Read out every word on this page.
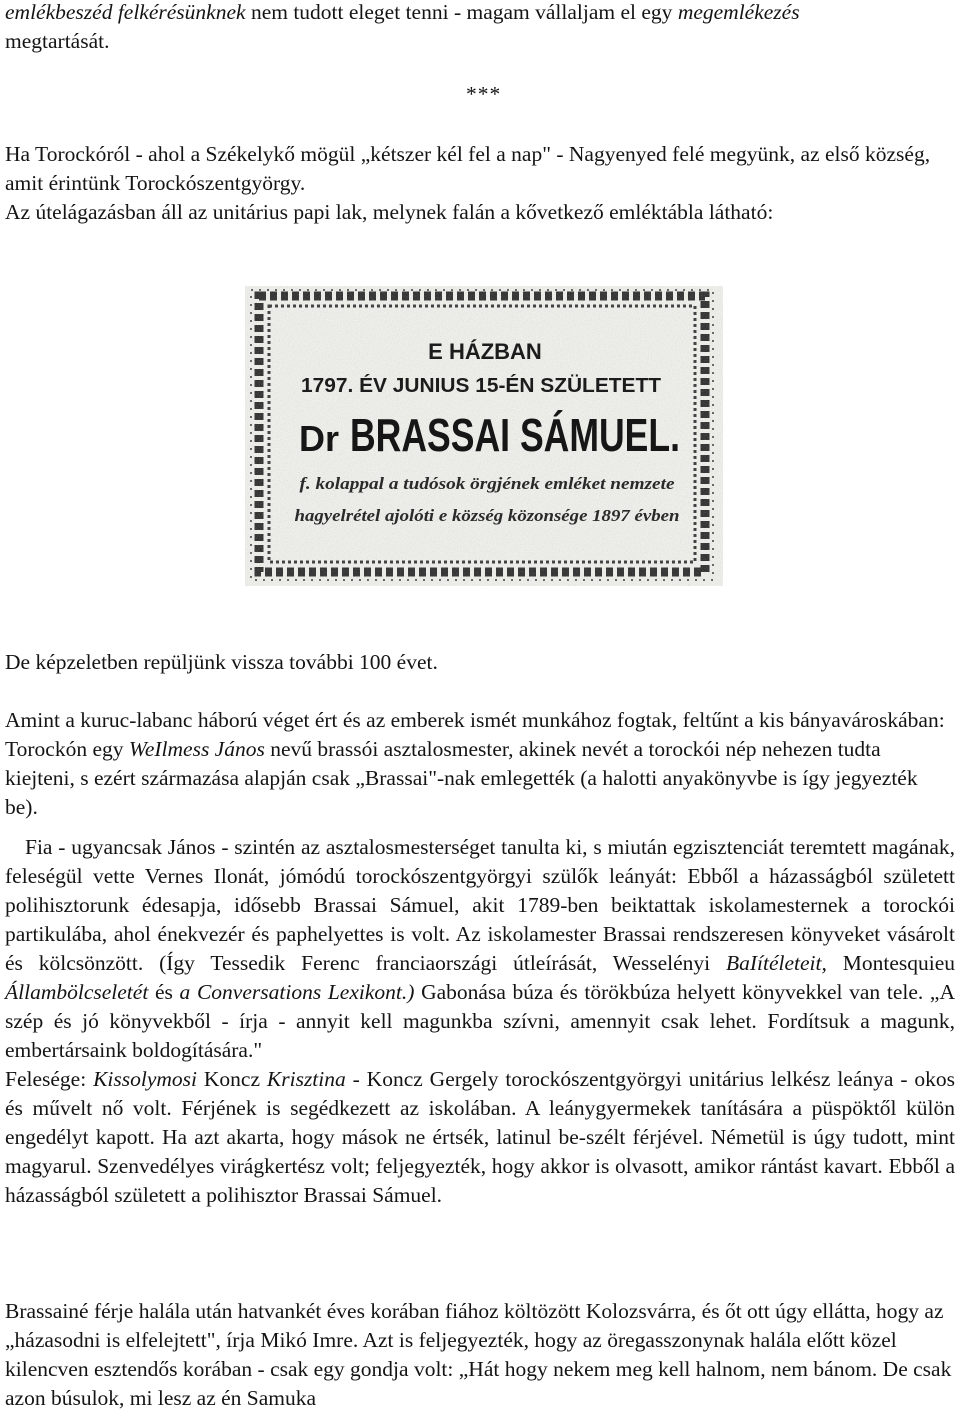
emlékbeszéd felkérésünknek nem tudott eleget tenni - magam vállaljam el egy megemlékezés
megtartását.

***

Ha Torockóról - ahol a Székelykő mögül „kétszer kél fel a nap" - Nagyenyed felé megyünk, az első község, amit érintünk Torockószentgyörgy.
Az útelágazásban áll az unitárius papi lak, melynek falán a kővetkező emléktábla látható:

E HÁZBAN
1797. ÉV JUNIUS 15-ÉN SZÜLETETT
Dr BRASSAI SÁMUEL.
f. kolappal a tudósok örgjének emléket nemzete
hagyelrétel ajolóti e község közonsége 1897 évben

De képzeletben repüljünk vissza további 100 évet.

Amint a kuruc-labanc háború véget ért és az emberek ismét munkához fogtak, feltűnt a kis bányavároskában: Torockón egy WeIlmess János nevű brassói asztalosmester, akinek nevét a torockói nép nehezen tudta kiejteni, s ezért származása alapján csak „Brassai"-nak emlegették (a halotti anyakönyvbe is így jegyezték be).

Fia - ugyancsak János - szintén az asztalosmesterséget tanulta ki, s miután egzisztenciát teremtett magának, feleségül vette Vernes Ilonát, jómódú torockószentgyörgyi szülők leányát: Ebből a házasságból született polihisztorunk édesapja, idősebb Brassai Sámuel, akit 1789-ben beiktattak iskolamesternek a torockói partikulába, ahol énekvezér és paphelyettes is volt. Az iskolamester Brassai rendszeresen könyveket vásárolt és kölcsönzött. (Így Tessedik Ferenc franciaországi útleírását, Wesselényi BaIítéleteit, Montesquieu Állambölcseletét és a Conversations Lexikont.) Gabonása búza és törökbúza helyett könyvekkel van tele. „A szép és jó könyvekből - írja - annyit kell magunkba szívni, amennyit csak lehet. Fordítsuk a magunk, embertársaink boldogítására."
Felesége: Kissolymosi Koncz Krisztina - Koncz Gergely torockószentgyörgyi unitárius lelkész leánya - okos és művelt nő volt. Férjének is segédkezett az iskolában. A leánygyermekek tanítására a püspöktől külön engedélyt kapott. Ha azt akarta, hogy mások ne értsék, latinul be-szélt férjével. Németül is úgy tudott, mint magyarul. Szenvedélyes virágkertész volt; feljegyezték, hogy akkor is olvasott, amikor rántást kavart. Ebből a házasságból született a polihisztor Brassai Sámuel.

Brassainé férje halála után hatvankét éves korában fiához költözött Kolozsvárra, és őt ott úgy ellátta, hogy az „házasodni is elfelejtett", írja Mikó Imre. Azt is feljegyezték, hogy az öregasszonynak halála előtt közel kilencven esztendős korában - csak egy gondja volt: „Hát hogy nekem meg kell halnom, nem bánom. De csak azon búsulok, mi lesz az én Samuka
